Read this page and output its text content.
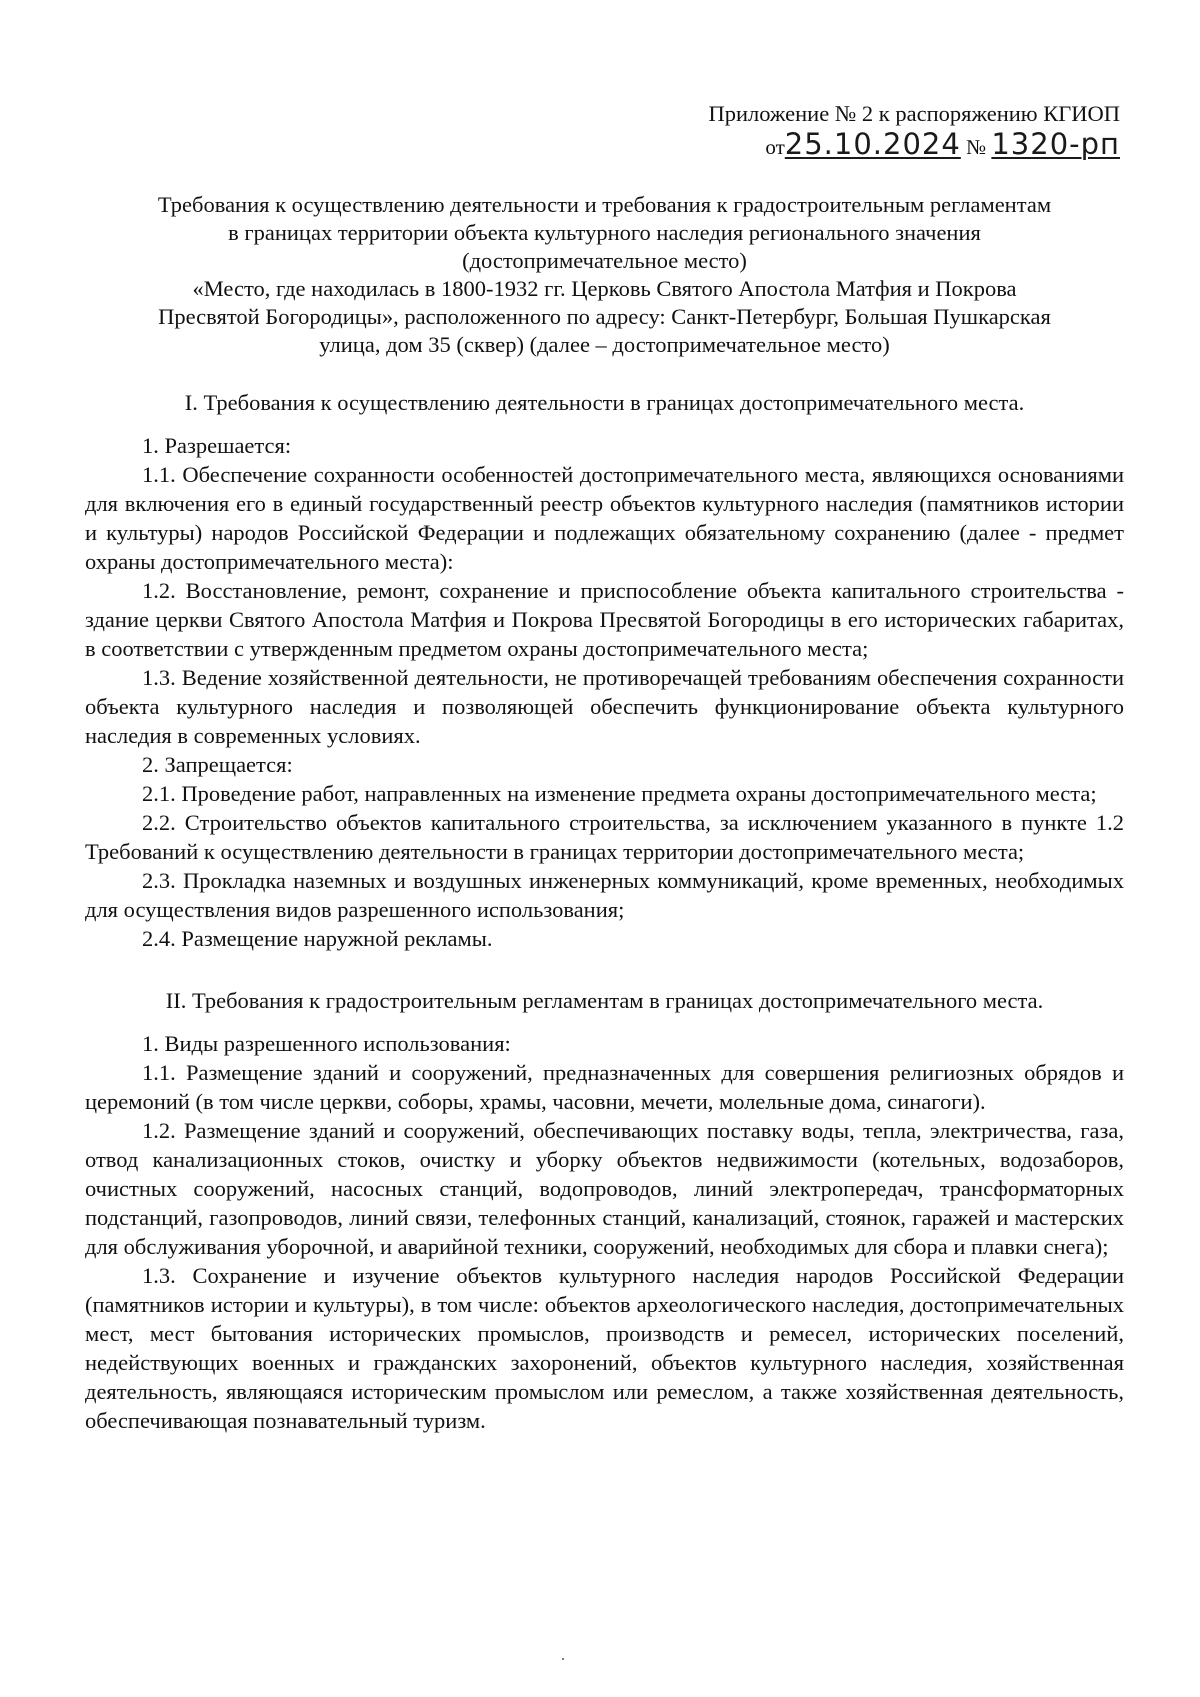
Приложение № 2 к распоряжению КГИОП
от25.10.2024 № 1320-рп
Требования к осуществлению деятельности и требования к градостроительным регламентам
в границах территории объекта культурного наследия регионального значения
(достопримечательное место)
«Место, где находилась в 1800-1932 гг. Церковь Святого Апостола Матфия и Покрова
Пресвятой Богородицы», расположенного по адресу: Санкт-Петербург, Большая Пушкарская
улица, дом 35 (сквер) (далее – достопримечательное место)
I. Требования к осуществлению деятельности в границах достопримечательного места.

1. Разрешается:

1.1. Обеспечение сохранности особенностей достопримечательного места, являющихся основаниями для включения его в единый государственный реестр объектов культурного наследия (памятников истории и культуры) народов Российской Федерации и подлежащих обязательному сохранению (далее - предмет охраны достопримечательного места):

1.2. Восстановление, ремонт, сохранение и приспособление объекта капитального строительства - здание церкви Святого Апостола Матфия и Покрова Пресвятой Богородицы в его исторических габаритах, в соответствии с утвержденным предметом охраны достопримечательного места;

1.3. Ведение хозяйственной деятельности, не противоречащей требованиям обеспечения сохранности объекта культурного наследия и позволяющей обеспечить функционирование объекта культурного наследия в современных условиях.

2. Запрещается:

2.1. Проведение работ, направленных на изменение предмета охраны достопримечательного места;

2.2. Строительство объектов капитального строительства, за исключением указанного в пункте 1.2 Требований к осуществлению деятельности в границах территории достопримечательного места;

2.3. Прокладка наземных и воздушных инженерных коммуникаций, кроме временных, необходимых для осуществления видов разрешенного использования;

2.4. Размещение наружной рекламы.

II. Требования к градостроительным регламентам в границах достопримечательного места.

1. Виды разрешенного использования:

1.1. Размещение зданий и сооружений, предназначенных для совершения религиозных обрядов и церемоний (в том числе церкви, соборы, храмы, часовни, мечети, молельные дома, синагоги).

1.2. Размещение зданий и сооружений, обеспечивающих поставку воды, тепла, электричества, газа, отвод канализационных стоков, очистку и уборку объектов недвижимости (котельных, водозаборов, очистных сооружений, насосных станций, водопроводов, линий электропередач, трансформаторных подстанций, газопроводов, линий связи, телефонных станций, канализаций, стоянок, гаражей и мастерских для обслуживания уборочной, и аварийной техники, сооружений, необходимых для сбора и плавки снега);

1.3. Сохранение и изучение объектов культурного наследия народов Российской Федерации (памятников истории и культуры), в том числе: объектов археологического наследия, достопримечательных мест, мест бытования исторических промыслов, производств и ремесел, исторических поселений, недействующих военных и гражданских захоронений, объектов культурного наследия, хозяйственная деятельность, являющаяся историческим промыслом или ремеслом, а также хозяйственная деятельность, обеспечивающая познавательный туризм.
